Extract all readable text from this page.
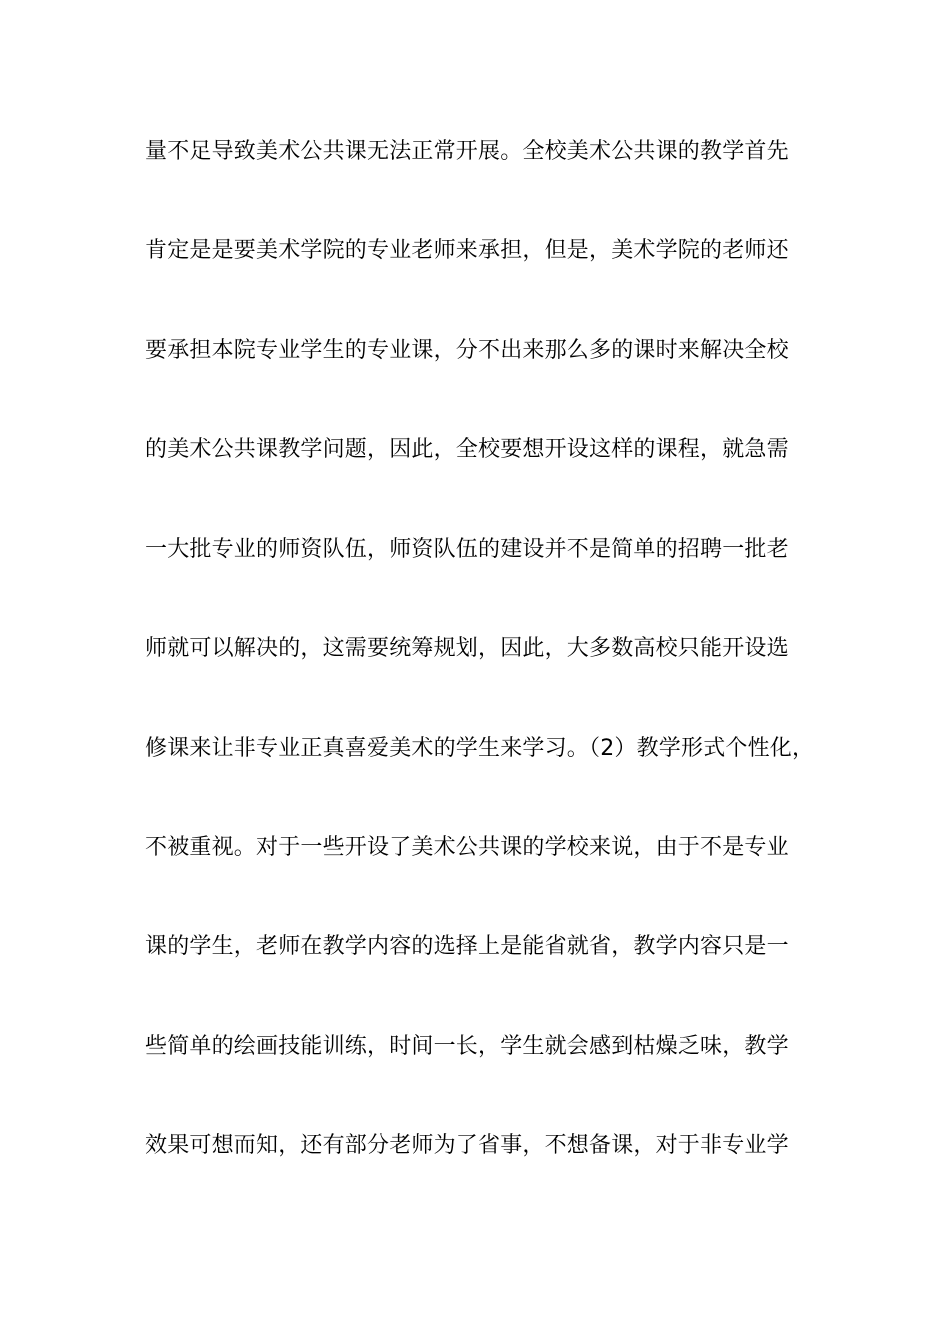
量不足导致美术公共课无法正常开展。全校美术公共课的教学首先
肯定是是要美术学院的专业老师来承担，但是，美术学院的老师还
要承担本院专业学生的专业课，分不出来那么多的课时来解决全校
的美术公共课教学问题，因此，全校要想开设这样的课程，就急需
一大批专业的师资队伍，师资队伍的建设并不是简单的招聘一批老
师就可以解决的，这需要统筹规划，因此，大多数高校只能开设选
修课来让非专业正真喜爱美术的学生来学习。（2）教学形式个性化，
不被重视。对于一些开设了美术公共课的学校来说，由于不是专业
课的学生，老师在教学内容的选择上是能省就省，教学内容只是一
些简单的绘画技能训练，时间一长，学生就会感到枯燥乏味，教学
效果可想而知，还有部分老师为了省事，不想备课，对于非专业学
